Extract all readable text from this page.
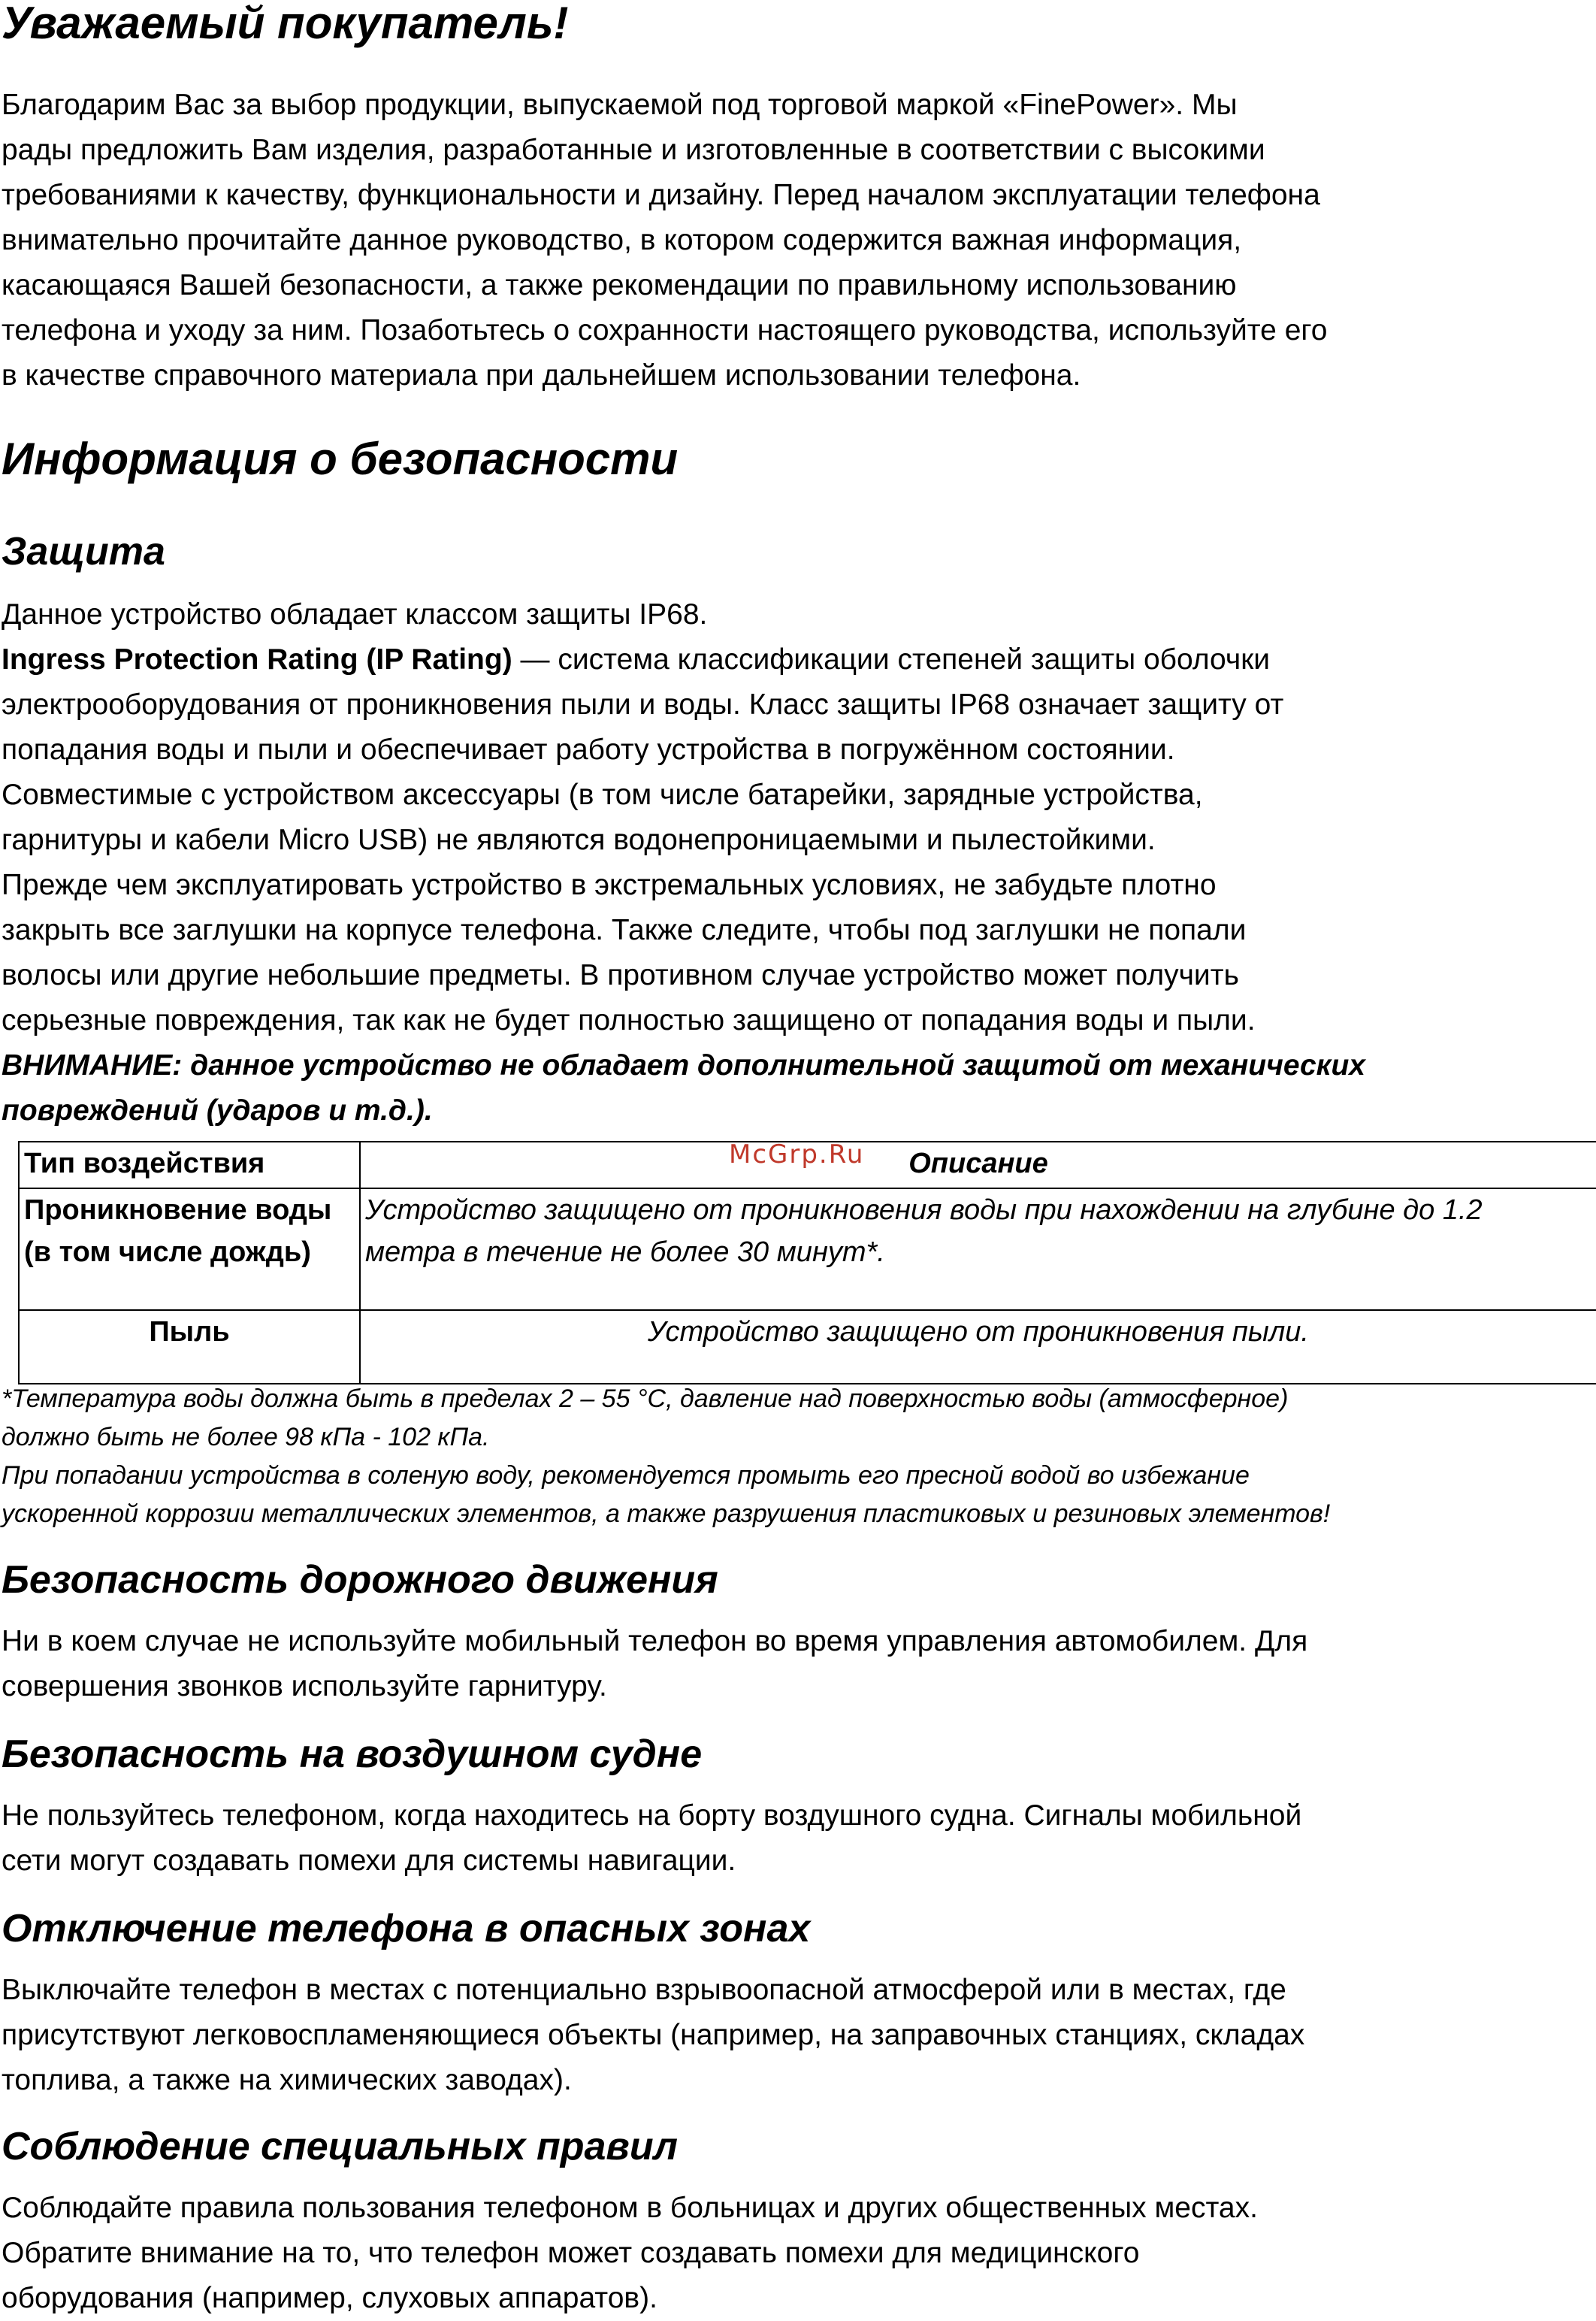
Уважаемый покупатель!
Благодарим Вас за выбор продукции, выпускаемой под торговой маркой «FinePower». Мы
рады предложить Вам изделия, разработанные и изготовленные в соответствии с высокими
требованиями к качеству, функциональности и дизайну. Перед началом эксплуатации телефона
внимательно прочитайте данное руководство, в котором содержится важная информация,
касающаяся Вашей безопасности, а также рекомендации по правильному использованию
телефона и уходу за ним. Позаботьтесь о сохранности настоящего руководства, используйте его
в качестве справочного материала при дальнейшем использовании телефона.
Информация о безопасности
Защита
Данное устройство обладает классом защиты IP68.
Ingress Protection Rating (IP Rating) — система классификации степеней защиты оболочки
электрооборудования от проникновения пыли и воды. Класс защиты IP68 означает защиту от
попадания воды и пыли и обеспечивает работу устройства в погружённом состоянии.
Совместимые с устройством аксессуары (в том числе батарейки, зарядные устройства,
гарнитуры и кабели Micro USB) не являются водонепроницаемыми и пылестойкими.
Прежде чем эксплуатировать устройство в экстремальных условиях, не забудьте плотно
закрыть все заглушки на корпусе телефона. Также следите, чтобы под заглушки не попали
волосы или другие небольшие предметы. В противном случае устройство может получить
серьезные повреждения, так как не будет полностью защищено от попадания воды и пыли.
ВНИМАНИЕ: данное устройство не обладает дополнительной защитой от механических
повреждений (ударов и т.д.).
Тип воздействия	McGrp.Ru Описание

Проникновение воды
(в том числе дождь)	Устройство защищено от проникновения воды при нахождении на глубине до 1.2
метра в течение не более 30 минут*.

Пыль	Устройство защищено от проникновения пыли.
*Температура воды должна быть в пределах 2 – 55 °C, давление над поверхностью воды (атмосферное)
должно быть не более 98 кПа - 102 кПа.
При попадании устройства в соленую воду, рекомендуется промыть его пресной водой во избежание
ускоренной коррозии металлических элементов, а также разрушения пластиковых и резиновых элементов!
Безопасность дорожного движения
Ни в коем случае не используйте мобильный телефон во время управления автомобилем. Для
совершения звонков используйте гарнитуру.
Безопасность на воздушном судне
Не пользуйтесь телефоном, когда находитесь на борту воздушного судна. Сигналы мобильной
сети могут создавать помехи для системы навигации.
Отключение телефона в опасных зонах
Выключайте телефон в местах с потенциально взрывоопасной атмосферой или в местах, где
присутствуют легковоспламеняющиеся объекты (например, на заправочных станциях, складах
топлива, а также на химических заводах).
Соблюдение специальных правил
Соблюдайте правила пользования телефоном в больницах и других общественных местах.
Обратите внимание на то, что телефон может создавать помехи для медицинского
оборудования (например, слуховых аппаратов).
